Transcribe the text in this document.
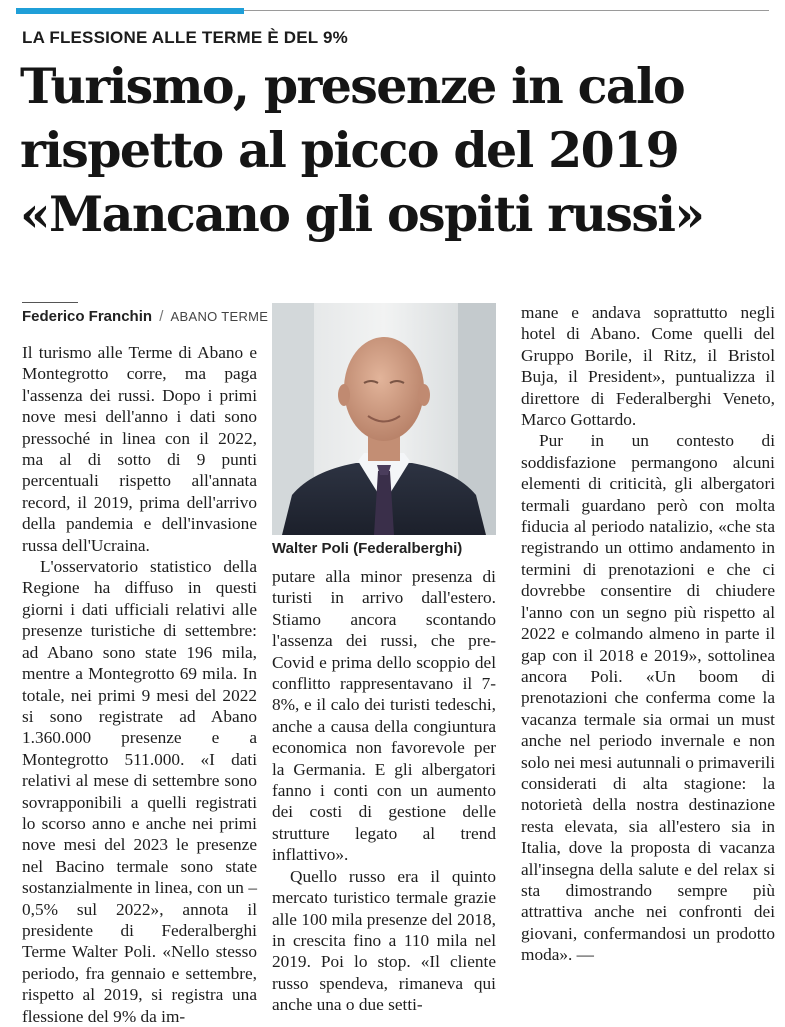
LA FLESSIONE ALLE TERME È DEL 9%
Turismo, presenze in calo
rispetto al picco del 2019
«Mancano gli ospiti russi»
Federico Franchin / ABANO TERME

Il turismo alle Terme di Abano e Montegrotto corre, ma paga l'assenza dei russi. Dopo i primi nove mesi dell'anno i dati sono pressoché in linea con il 2022, ma al di sotto di 9 punti percentuali rispetto all'annata record, il 2019, prima dell'arrivo della pandemia e dell'invasione russa dell'Ucraina.

L'osservatorio statistico della Regione ha diffuso in questi giorni i dati ufficiali relativi alle presenze turistiche di settembre: ad Abano sono state 196 mila, mentre a Montegrotto 69 mila. In totale, nei primi 9 mesi del 2022 si sono registrate ad Abano 1.360.000 presenze e a Montegrotto 511.000. «I dati relativi al mese di settembre sono sovrapponibili a quelli registrati lo scorso anno e anche nei primi nove mesi del 2023 le presenze nel Bacino termale sono state sostanzialmente in linea, con un –0,5% sul 2022», annota il presidente di Federalberghi Terme Walter Poli. «Nello stesso periodo, fra gennaio e settembre, rispetto al 2019, si registra una flessione del 9% da im-

Walter Poli (Federalberghi)

putare alla minor presenza di turisti in arrivo dall'estero. Stiamo ancora scontando l'assenza dei russi, che pre-Covid e prima dello scoppio del conflitto rappresentavano il 7-8%, e il calo dei turisti tedeschi, anche a causa della congiuntura economica non favorevole per la Germania. E gli albergatori fanno i conti con un aumento dei costi di gestione delle strutture legato al trend inflattivo».

Quello russo era il quinto mercato turistico termale grazie alle 100 mila presenze del 2018, in crescita fino a 110 mila nel 2019. Poi lo stop. «Il cliente russo spendeva, rimaneva qui anche una o due setti-

mane e andava soprattutto negli hotel di Abano. Come quelli del Gruppo Borile, il Ritz, il Bristol Buja, il President», puntualizza il direttore di Federalberghi Veneto, Marco Gottardo.

Pur in un contesto di soddisfazione permangono alcuni elementi di criticità, gli albergatori termali guardano però con molta fiducia al periodo natalizio, «che sta registrando un ottimo andamento in termini di prenotazioni e che ci dovrebbe consentire di chiudere l'anno con un segno più rispetto al 2022 e colmando almeno in parte il gap con il 2018 e 2019», sottolinea ancora Poli. «Un boom di prenotazioni che conferma come la vacanza termale sia ormai un must anche nel periodo invernale e non solo nei mesi autunnali o primaverili considerati di alta stagione: la notorietà della nostra destinazione resta elevata, sia all'estero sia in Italia, dove la proposta di vacanza all'insegna della salute e del relax si sta dimostrando sempre più attrattiva anche nei confronti dei giovani, confermandosi un prodotto moda». —
